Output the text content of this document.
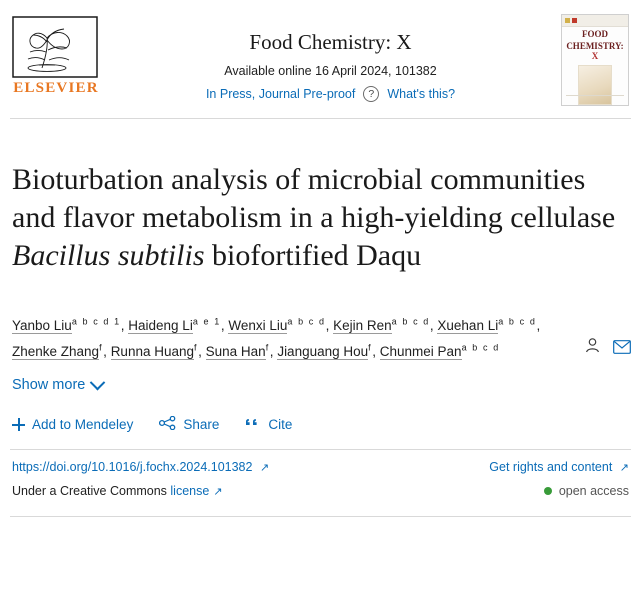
ELSEVIER
Food Chemistry: X
Available online 16 April 2024, 101382
In Press, Journal Pre-proof	?	What's this?
FOOD
CHEMISTRY: X
Bioturbation analysis of microbial communities and flavor metabolism in a high-yielding cellulase Bacillus subtilis biofortified Daqu
Yanbo Liu$^{a b c d 1}$, Haideng $Li^{a e 1}$, Wenxi Liu$^{a b c d}$, Kejin Ren$^{a b c d}$, Xuehan $Li^{a b c d}$, Zhenke Zhang$^f$, Runna Huang$^f$, Suna Han$^f$, Jianguang Hou$^f$, Chunmei Pan$^{a b c d}$
Show more
Add to Mendeley	Share	Cite
https://doi.org/10.1016/j.fochx.2024.101382 ↗	Get rights and content ↗
Under a Creative Commons license ↗	open access
